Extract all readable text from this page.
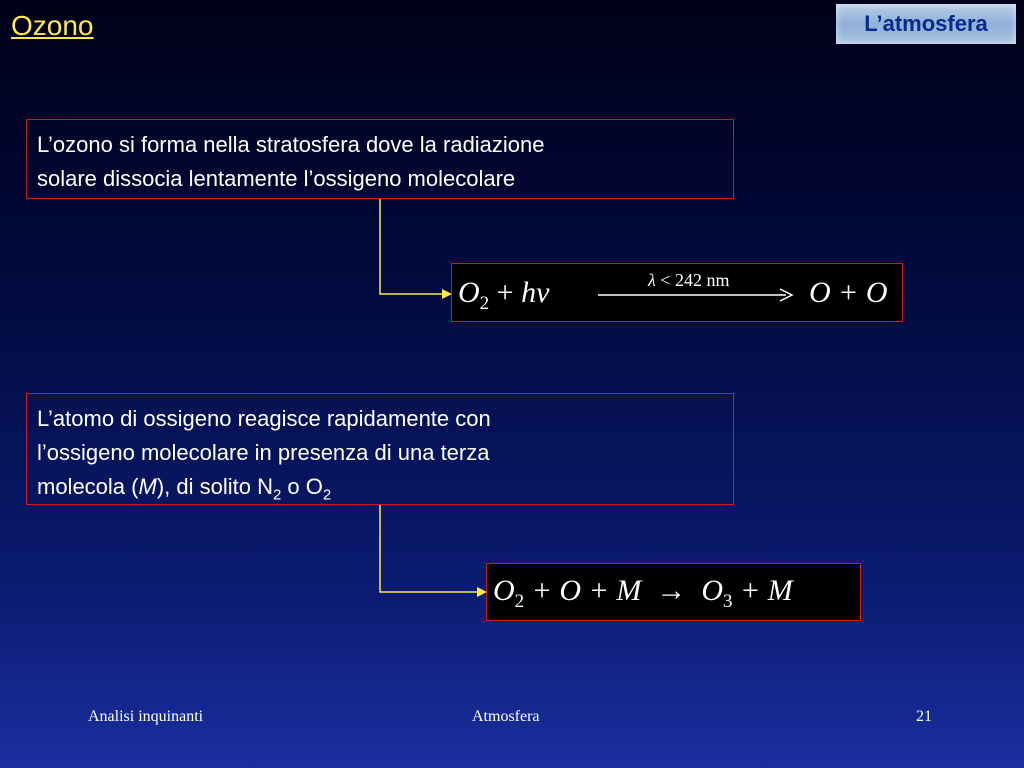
Ozono	L’atmosfera
L’ozono si forma nella stratosfera dove la radiazione
solare dissocia lentamente l’ossigeno molecolare
$O_2 + h\nu$	λ < 242 nm	O + O
L’atomo di ossigeno reagisce rapidamente con
l’ossigeno molecolare in presenza di una terza
molecola (M), di solito $N_2$ o $O_2$
$O_2 + O + M \to O_3 + M$
Analisi inquinanti	Atmosfera	21
